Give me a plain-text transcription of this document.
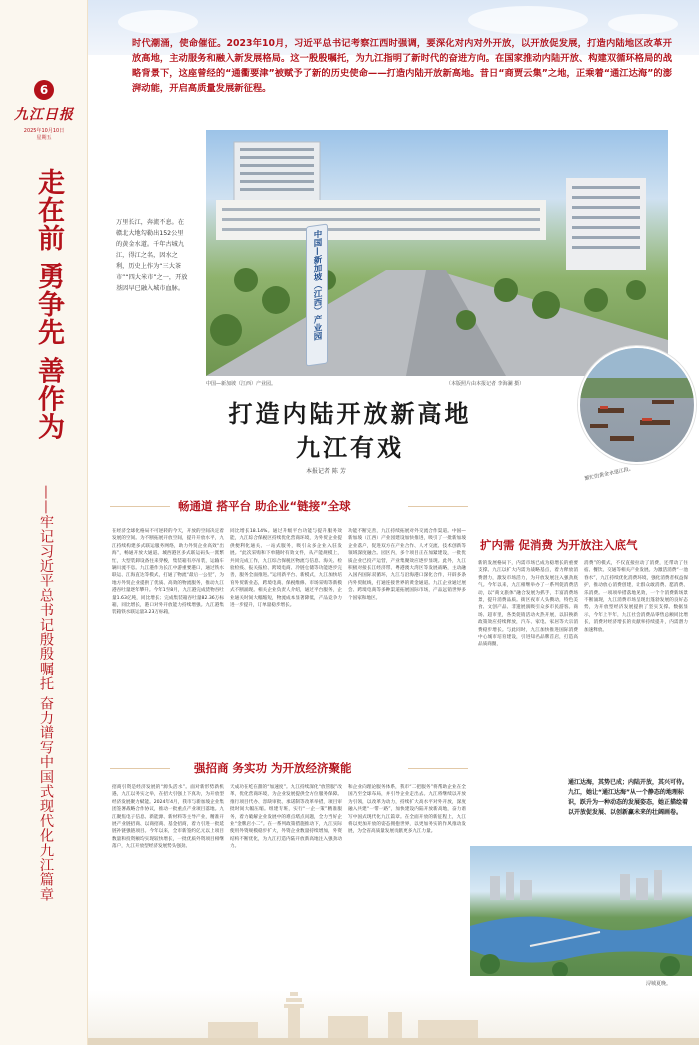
6
九江日报
2025年10月10日
星期五
走在前 勇争先 善作为
——牢记习近平总书记殷殷嘱托 奋力谱写中国式现代化九江篇章
时代潮涌，使命催征。2023年10月，习近平总书记考察江西时强调，要深化对内对外开放，以开放促发展，打造内陆地区改革开放高地，主动服务和融入新发展格局。这一殷殷嘱托，为九江指明了新时代的奋进方向。在国家推动内陆开放、构建双循环格局的战略背景下，这座曾经的“通衢要津”被赋予了新的历史使命——打造内陆开放新高地。昔日“商贾云集”之地，正乘着“通江达海”的澎湃动能，开启高质量发展新征程。
中国—新加坡（江西）产业园
万里长江，奔流不息。在赣北大地勾勒出152公里的黄金水道。千年古城九江，得江之名，因水之利，历史上作为“三大茶市”“四大米市”之一，开放基因早已融入城市血脉。
中国—新加坡（江西）产业园。	（本版照片由本报记者 李海澜 摄）
繁忙的黄金水道江段。
打造内陆开放新高地
九江有戏
本报记者 陈 芳
畅通道 搭平台 助企业“链接”全球
扩内需 促消费 为开放注入底气
在经济全球化格局不可逆转的今天，开放的空间决定着发展的空间。为不断拓展开放空间，提升开放水平，九江持续构建多式联运服务网络，助力外贸企业高效“出海”，畅通开放大通道。城西港区多式联运码头一派繁忙，大型装卸设备往来穿梭，集装箱有序吊装，运输车辆川流不息。九江港作为长江中游重要港口，通过铁水联运、江海直达等模式，打通了物流“最后一公里”，为地方外贸企业提供了优质、高效的物流服务，推动九江港吞吐量逐年攀升。今年1至8月，九江港完成货物吞吐量1.63亿吨，同比增长；完成集装箱吞吐量82.36万标箱，同比增长，港口对外开放能力持续增强。九江港集装箱铁水联运量3.23万标箱，
同比增长18.14%。通过升级平台功能与提升服务效能，九江综合保税区持续优化营商环境，为外贸企业提供便利化通关、一站式服务，吸引众多企业入驻发展。“此次采购和下单随时有效文件，从产能规模上，共同完成工作，九江综合保税区物流与信息、海关、检验检疫、报关报检、跨境电商、冷链仓储等功能逐步完善，服务全面推进。”运用新平台、新模式，九江加快培育外贸新业态，跨境电商、保税维修、市场采购等新模式不断涌现。相关企业负责人介绍，通过平台服务，企业通关时间大幅缩短，物流成本显著降低，产品竞争力进一步提升，订单量稳步增长。
功能不断完善，九江持续拓展对外交流合作渠道。中国—新加坡（江西）产业园建设加快推进，吸引了一批新加坡企业落户，促进双方在产业合作、人才交流、技术创新等领域深度融合。园区内，多个项目正在加紧建设，一批优质企业已投产运营，产业集聚效应逐步显现。此外，九江积极对接长江经济带、粤港澳大湾区等发展战略，主动融入国内国际双循环，九江与沿海港口深化合作，开辟多条内外贸航线，打通连接世界的黄金通道。九江企业通过展会、跨境电商等多种渠道拓展国际市场，产品远销世界多个国家和地区。
新的发展格局下，内需市场已成为稳增长的重要支撑。九江以扩大内需为战略基点，着力释放消费潜力，激发市场活力，为开放发展注入强劲底气。今年以来，九江相继举办了一系列促消费活动，以“商文旅体”融合发展为抓手，丰富消费场景，提升消费品质。街区夜市人头攒动，特色美食、文创产品、非遗展演吸引众多市民游客。商场、超市里，各类促销活动火热开展，以旧换新政策效应持续释放，汽车、家电、家居等大宗消费稳步增长。与此同时，九江加快推进国际消费中心城市培育建设，引进知名品牌首店，打造高品质商圈，
消费”的模式，不仅直接拉动了消费，还带动了住宿、餐饮、交通等相关产业发展。为激活消费“一池春水”，九江持续优化消费环境，强化消费者权益保护，推动放心消费创建，让群众敢消费、愿消费、乐消费。一项项举措落地见效，一个个消费新场景不断涌现，九江消费市场呈现出蓬勃发展的良好态势，为开放型经济发展提供了坚实支撑。数据显示，今年上半年，九江社会消费品零售总额同比增长，消费对经济增长的贡献率持续提升，内需潜力加速释放。
强招商 务实功 为开放经济聚能
招商引资是经济发展的“源头活水”。面对新形势新机遇，九江以务实之举，在招大引强上下真功，为开放型经济发展聚力赋能。2024年4月，我市与新加坡企业集团签署战略合作协议，推动一批重点产业项目落地。九江聚焦电子信息、新能源、新材料等主导产业，精准开展产业链招商、以商招商、基金招商，着力引进一批延链补链强链项目。今年以来，全市新签约亿元以上项目数量和投资额均实现较快增长，一批优质外资项目相继落户，九江开放型经济发展势头强劲。
天成功在屹在甜的“加速度”。九江持续深化“放管服”改革，优化营商环境，为企业发展提供全方位服务保障。推行项目代办、容缺审批、承诺制等改革举措，项目审批时间大幅压缩。组建专班，实行“一企一策”精准服务，着力破解企业发展中的难点堵点问题，全力当好企业“金牌店小二”。在一系列政策措施推动下，九江实际使用外资规模稳步扩大，外资企业数量持续增加，外资结构不断优化，为九江打造内陆开放新高地注入强劲动力。
和企业向理论服务体系，我市“二把服务”将帮助企业在全国乃至全球布局，并引导企业走出去。九江将继续以开放为引领，以改革为动力，持续扩大高水平对外开放，深度融入共建“一带一路”，加快建设内陆开放新高地，奋力谱写中国式现代化九江篇章。在全面开放的新征程上，九江将以更加开放的姿态拥抱世界，以更加务实的作风推动发展，为全省高质量发展贡献更多九江力量。
通江达海，其势已成；内陆开放，其兴可待。九江，她让“通江达海”从一个静态的地理标识，跃升为一种动态的发展姿态，她正描绘着以开放促发展、以创新赢未来的壮阔画卷。
浔城夏晚。
